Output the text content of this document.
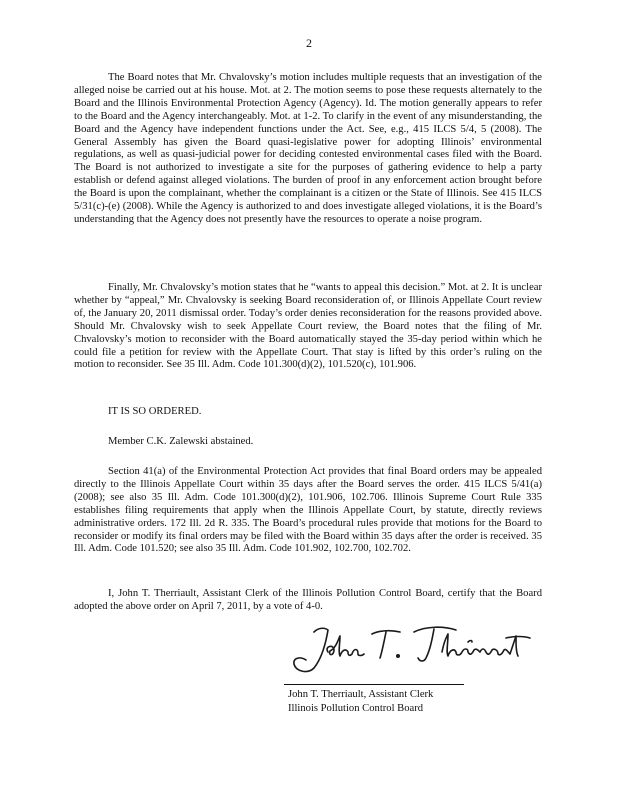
2

The Board notes that Mr. Chvalovsky’s motion includes multiple requests that an investigation of the alleged noise be carried out at his house. Mot. at 2. The motion seems to pose these requests alternately to the Board and the Illinois Environmental Protection Agency (Agency). Id. The motion generally appears to refer to the Board and the Agency interchangeably. Mot. at 1-2. To clarify in the event of any misunderstanding, the Board and the Agency have independent functions under the Act. See, e.g., 415 ILCS 5/4, 5 (2008). The General Assembly has given the Board quasi-legislative power for adopting Illinois’ environmental regulations, as well as quasi-judicial power for deciding contested environmental cases filed with the Board. The Board is not authorized to investigate a site for the purposes of gathering evidence to help a party establish or defend against alleged violations. The burden of proof in any enforcement action brought before the Board is upon the complainant, whether the complainant is a citizen or the State of Illinois. See 415 ILCS 5/31(c)-(e) (2008). While the Agency is authorized to and does investigate alleged violations, it is the Board’s understanding that the Agency does not presently have the resources to operate a noise program.

Finally, Mr. Chvalovsky’s motion states that he “wants to appeal this decision.” Mot. at 2. It is unclear whether by “appeal,” Mr. Chvalovsky is seeking Board reconsideration of, or Illinois Appellate Court review of, the January 20, 2011 dismissal order. Today’s order denies reconsideration for the reasons provided above. Should Mr. Chvalovsky wish to seek Appellate Court review, the Board notes that the filing of Mr. Chvalovsky’s motion to reconsider with the Board automatically stayed the 35-day period within which he could file a petition for review with the Appellate Court. That stay is lifted by this order’s ruling on the motion to reconsider. See 35 Ill. Adm. Code 101.300(d)(2), 101.520(c), 101.906.

IT IS SO ORDERED.

Member C.K. Zalewski abstained.

Section 41(a) of the Environmental Protection Act provides that final Board orders may be appealed directly to the Illinois Appellate Court within 35 days after the Board serves the order. 415 ILCS 5/41(a) (2008); see also 35 Ill. Adm. Code 101.300(d)(2), 101.906, 102.706. Illinois Supreme Court Rule 335 establishes filing requirements that apply when the Illinois Appellate Court, by statute, directly reviews administrative orders. 172 Ill. 2d R. 335. The Board’s procedural rules provide that motions for the Board to reconsider or modify its final orders may be filed with the Board within 35 days after the order is received. 35 Ill. Adm. Code 101.520; see also 35 Ill. Adm. Code 101.902, 102.700, 102.702.

I, John T. Therriault, Assistant Clerk of the Illinois Pollution Control Board, certify that the Board adopted the above order on April 7, 2011, by a vote of 4-0.

John T. Therriault, Assistant Clerk
Illinois Pollution Control Board
